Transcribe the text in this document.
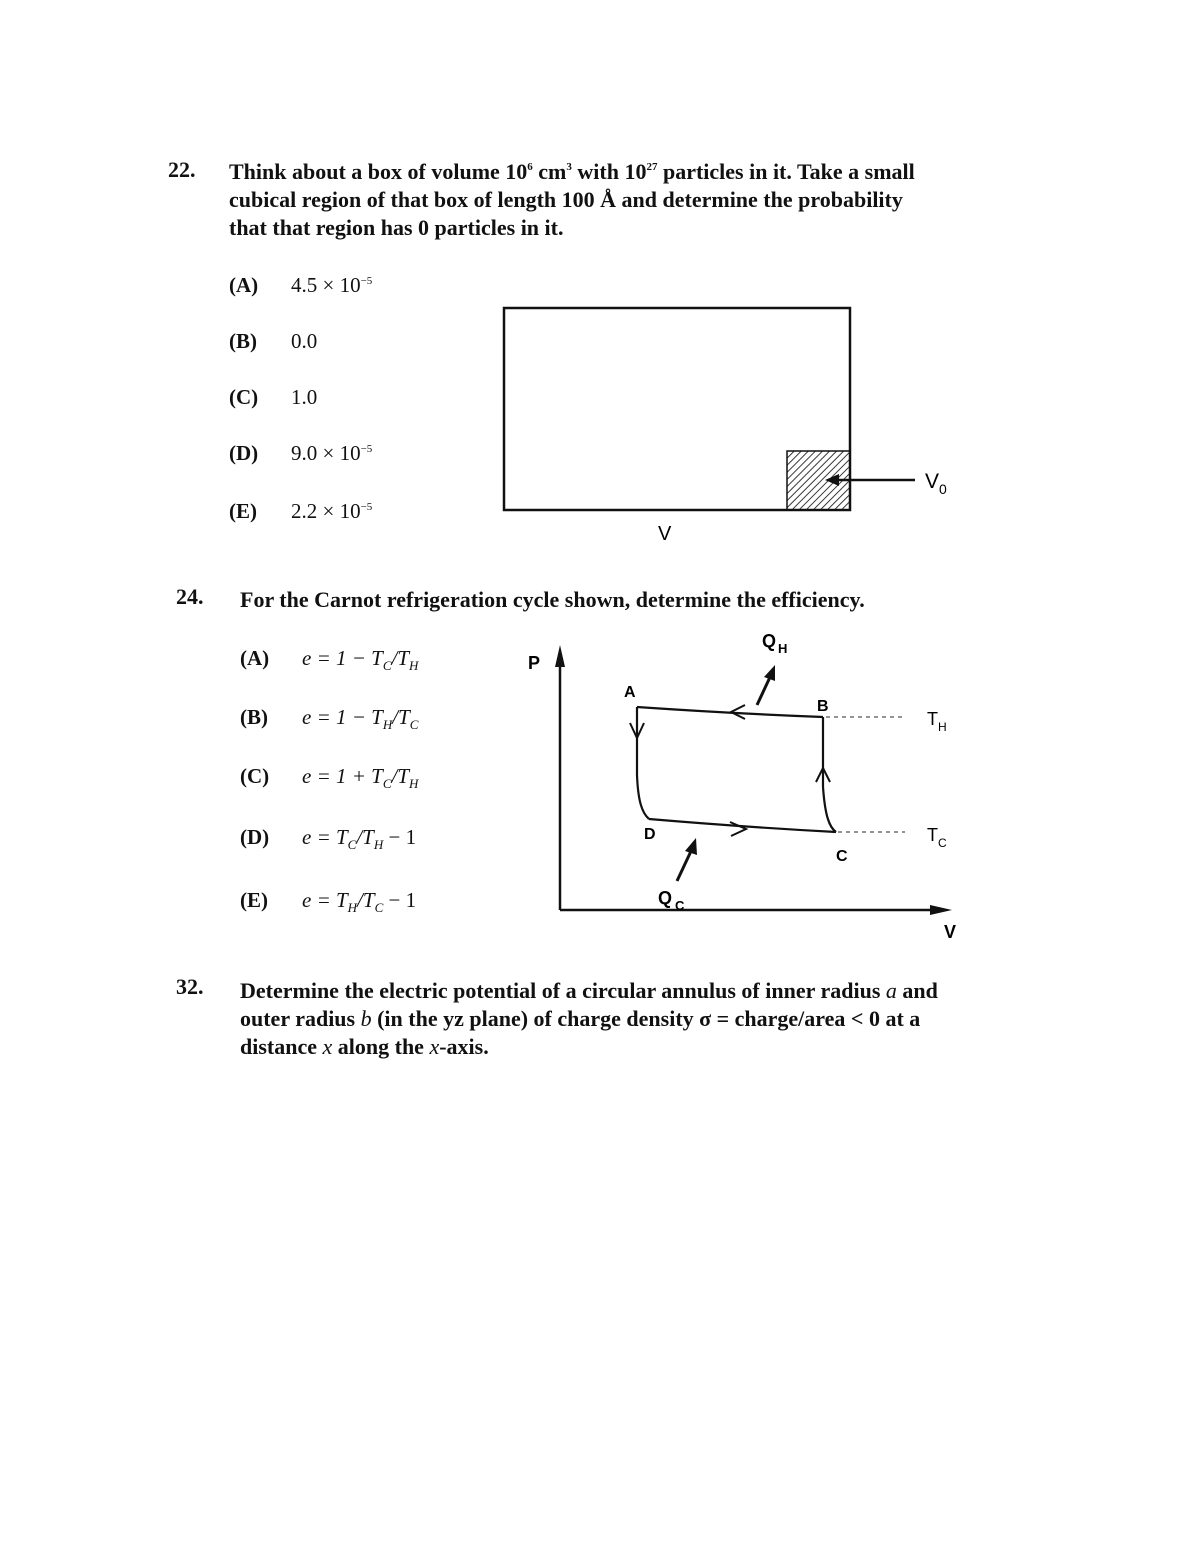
22. Think about a box of volume $10^6$ $cm^3$ with $10^{27}$ particles in it. Take a small
cubical region of that box of length 100 Å and determine the probability
that that region has 0 particles in it.
(A) $4.5 \times 10^{-5}$
(B) 0.0
(C) 1.0
(D) $9.0 \times 10^{-5}$
(E) $2.2 \times 10^{-5}$
$V_0$
V
24. For the Carnot refrigeration cycle shown, determine the efficiency.
(A) $e = 1 - T_C/T_H$
(B) $e = 1 - T_H/T_C$
(C) $e = 1 + T_C/T_H$
(D) $e = T_C/T_H - 1$
(E) $e = T_H/T_C - 1$
P
V
A
B
C
D
Q $_H$
Q $_C$
$T_H$
$T_C$
32. Determine the electric potential of a circular annulus of inner radius a and
outer radius b (in the yz plane) of charge density σ = charge/area < 0 at a
distance x along the x-axis.
